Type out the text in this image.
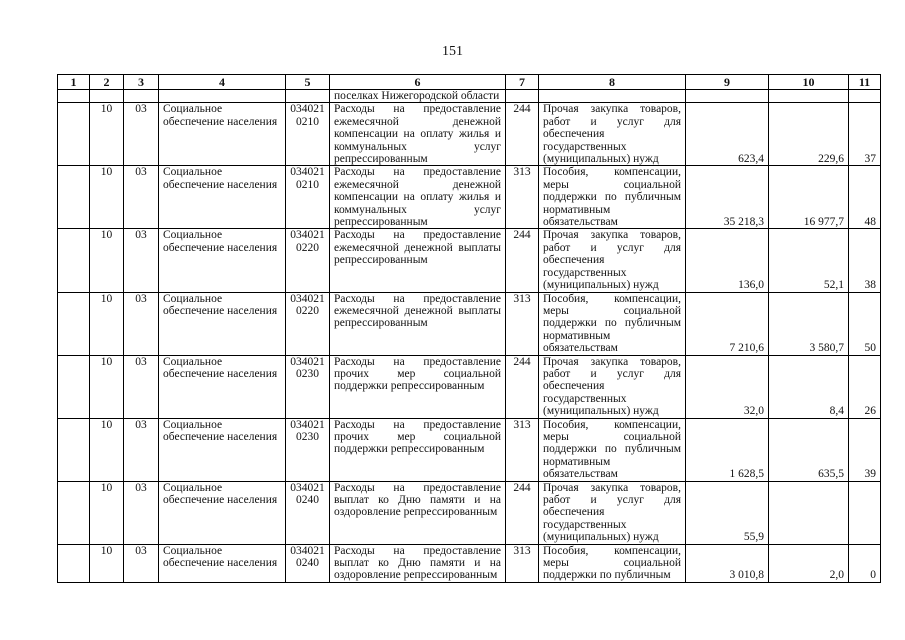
151
1	2	3	4	5	6	7	8	9	10	11
					поселках Нижегородской области					
	10	03	Социальное обеспечение населения	034021 0210	Расходы на предоставление ежемесячной денежной компенсации на оплату жилья и коммунальных услуг репрессированным	244	Прочая закупка товаров, работ и услуг для обеспечения государственных (муниципальных) нужд	623,4	229,6	37
	10	03	Социальное обеспечение населения	034021 0210	Расходы на предоставление ежемесячной денежной компенсации на оплату жилья и коммунальных услуг репрессированным	313	Пособия, компенсации, меры социальной поддержки по публичным нормативным обязательствам	35 218,3	16 977,7	48
	10	03	Социальное обеспечение населения	034021 0220	Расходы на предоставление ежемесячной денежной выплаты репрессированным	244	Прочая закупка товаров, работ и услуг для обеспечения государственных (муниципальных) нужд	136,0	52,1	38
	10	03	Социальное обеспечение населения	034021 0220	Расходы на предоставление ежемесячной денежной выплаты репрессированным	313	Пособия, компенсации, меры социальной поддержки по публичным нормативным обязательствам	7 210,6	3 580,7	50
	10	03	Социальное обеспечение населения	034021 0230	Расходы на предоставление прочих мер социальной поддержки репрессированным	244	Прочая закупка товаров, работ и услуг для обеспечения государственных (муниципальных) нужд	32,0	8,4	26
	10	03	Социальное обеспечение населения	034021 0230	Расходы на предоставление прочих мер социальной поддержки репрессированным	313	Пособия, компенсации, меры социальной поддержки по публичным нормативным обязательствам	1 628,5	635,5	39
	10	03	Социальное обеспечение населения	034021 0240	Расходы на предоставление выплат ко Дню памяти и на оздоровление репрессированным	244	Прочая закупка товаров, работ и услуг для обеспечения государственных (муниципальных) нужд	55,9		
	10	03	Социальное обеспечение населения	034021 0240	Расходы на предоставление выплат ко Дню памяти и на оздоровление репрессированным	313	Пособия, компенсации, меры социальной поддержки по публичным	3 010,8	2,0	0
